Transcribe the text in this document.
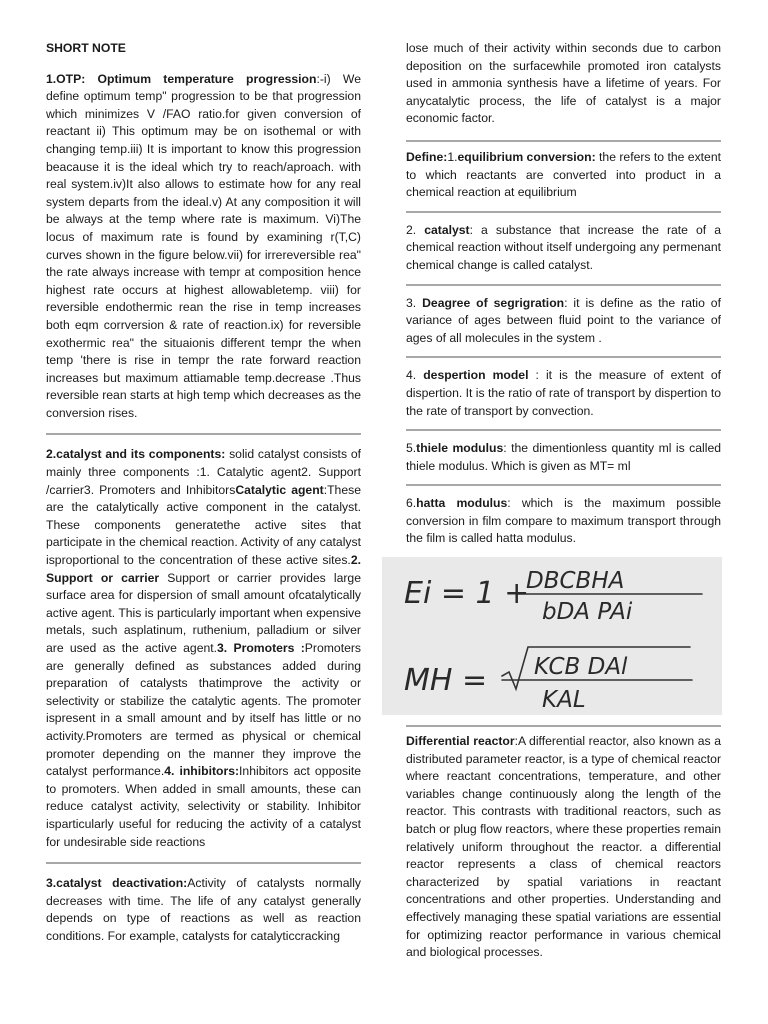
SHORT NOTE

1.OTP: Optimum temperature progression:-i) We define optimum temp" progression to be that progression which minimizes V /FAO ratio.for given conversion of reactant ii) This optimum may be on isothemal or with changing temp.iii) It is important to know this progression beacause it is the ideal which try to reach/aproach. with real system.iv)It also allows to estimate how for any real system departs from the ideal.v) At any composition it will be always at the temp where rate is maximum. Vi)The locus of maximum rate is found by examining r(T,C) curves shown in the figure below.vii) for irrereversible rea" the rate always increase with tempr at composition hence highest rate occurs at highest allowabletemp. viii) for reversible endothermic rean the rise in temp increases both eqm corrversion & rate of reaction.ix) for reversible exothermic rea" the situaionis different tempr the when temp 'there is rise in tempr the rate forward reaction increases but maximum attiamable temp.decrease .Thus reversible rean starts at high temp which decreases as the conversion rises.

2.catalyst and its components: solid catalyst consists of mainly three components :1. Catalytic agent2. Support /carrier3. Promoters and InhibitorsCatalytic agent:These are the catalytically active component in the catalyst. These components generatethe active sites that participate in the chemical reaction. Activity of any catalyst isproportional to the concentration of these active sites.2. Support or carrier Support or carrier provides large surface area for dispersion of small amount ofcatalytically active agent. This is particularly important when expensive metals, such asplatinum, ruthenium, palladium or silver are used as the active agent.3. Promoters :Promoters are generally defined as substances added during preparation of catalysts thatimprove the activity or selectivity or stabilize the catalytic agents. The promoter ispresent in a small amount and by itself has little or no activity.Promoters are termed as physical or chemical promoter depending on the manner they improve the catalyst performance.4. inhibitors:Inhibitors act opposite to promoters. When added in small amounts, these can reduce catalyst activity, selectivity or stability. Inhibitor isparticularly useful for reducing the activity of a catalyst for undesirable side reactions

3.catalyst deactivation:Activity of catalysts normally decreases with time. The life of any catalyst generally depends on type of reactions as well as reaction conditions. For example, catalysts for catalyticcracking

lose much of their activity within seconds due to carbon deposition on the surfacewhile promoted iron catalysts used in ammonia synthesis have a lifetime of years. For anycatalytic process, the life of catalyst is a major economic factor.

Define:1.equilibrium conversion: the refers to the extent to which reactants are converted into product in a chemical reaction at equilibrium

2. catalyst: a substance that increase the rate of a chemical reaction without itself undergoing any permenant chemical change is called catalyst.

3. Deagree of segrigration: it is define as the ratio of variance of ages between fluid point to the variance of ages of all molecules in the system .

4. despertion model : it is the measure of extent of dispertion. It is the ratio of rate of transport by dispertion to the rate of transport by convection.

5.thiele modulus: the dimentionless quantity ml is called thiele modulus. Which is given as MT= ml

6.hatta modulus: which is the maximum possible conversion in film compare to maximum transport through the film is called hatta modulus.

Ei = 1 +
DBCBHA
bDA PAi
MH = KCB DAl
KAL

Differential reactor:A differential reactor, also known as a distributed parameter reactor, is a type of chemical reactor where reactant concentrations, temperature, and other variables change continuously along the length of the reactor. This contrasts with traditional reactors, such as batch or plug flow reactors, where these properties remain relatively uniform throughout the reactor. a differential reactor represents a class of chemical reactors characterized by spatial variations in reactant concentrations and other properties. Understanding and effectively managing these spatial variations are essential for optimizing reactor performance in various chemical and biological processes.
